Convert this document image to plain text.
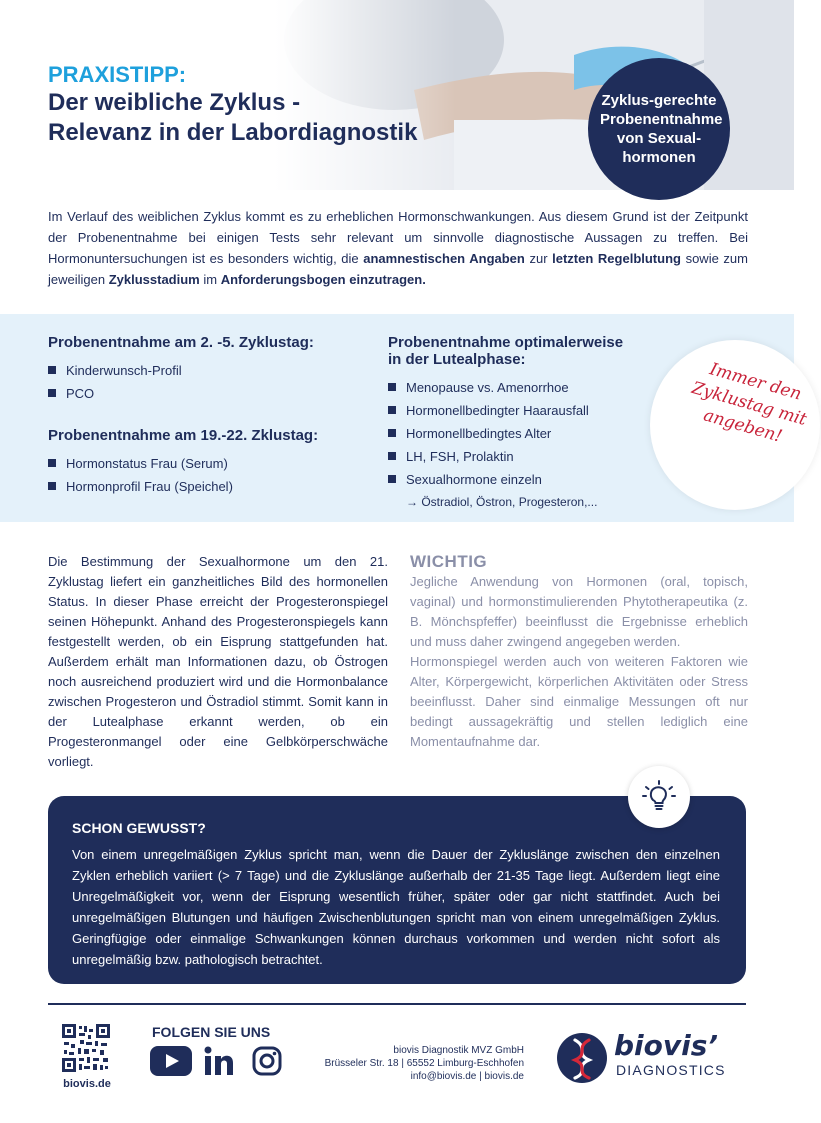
PRAXISTIPP:
Der weibliche Zyklus -
Relevanz in der Labordiagnostik
Zyklus-gerechte Probenentnahme von Sexual-hormonen
Im Verlauf des weiblichen Zyklus kommt es zu erheblichen Hormonschwankungen. Aus diesem Grund ist der Zeitpunkt der Probenentnahme bei einigen Tests sehr relevant um sinnvolle diagnostische Aussagen zu treffen. Bei Hormonuntersuchungen ist es besonders wichtig, die anamnestischen Angaben zur letzten Regelblutung sowie zum jeweiligen Zyklusstadium im Anforderungsbogen einzutragen.
Probenentnahme am 2. -5. Zyklustag:
Kinderwunsch-Profil
PCO
Probenentnahme am 19.-22. Zklustag:
Hormonstatus Frau (Serum)
Hormonprofil Frau (Speichel)
Probenentnahme optimalerweise
in der Lutealphase:
Menopause vs. Amenorrhoe
Hormonellbedingter Haarausfall
Hormonellbedingtes Alter
LH, FSH, Prolaktin
Sexualhormone einzeln
→ Östradiol, Östron, Progesteron,...
Immer den Zyklustag mit angeben!
Die Bestimmung der Sexualhormone um den 21. Zyklustag liefert ein ganzheitliches Bild des hormonellen Status. In dieser Phase erreicht der Progesteronspiegel seinen Höhepunkt. Anhand des Progesteronspiegels kann festgestellt werden, ob ein Eisprung stattgefunden hat. Außerdem erhält man Informationen dazu, ob Östrogen noch ausreichend produziert wird und die Hormonbalance zwischen Progesteron und Östradiol stimmt. Somit kann in der Lutealphase erkannt werden, ob ein Progesteronmangel oder eine Gelbkörperschwäche vorliegt.
WICHTIG
Jegliche Anwendung von Hormonen (oral, topisch, vaginal) und hormonstimulierenden Phytotherapeutika (z. B. Mönchspfeffer) beeinflusst die Ergebnisse erheblich und muss daher zwingend angegeben werden.
Hormonspiegel werden auch von weiteren Faktoren wie Alter, Körpergewicht, körperlichen Aktivitäten oder Stress beeinflusst. Daher sind einmalige Messungen oft nur bedingt aussagekräftig und stellen lediglich eine Momentaufnahme dar.
SCHON GEWUSST?
Von einem unregelmäßigen Zyklus spricht man, wenn die Dauer der Zykluslänge zwischen den einzelnen Zyklen erheblich variiert (> 7 Tage) und die Zykluslänge außerhalb der 21-35 Tage liegt. Außerdem liegt eine Unregelmäßigkeit vor, wenn der Eisprung wesentlich früher, später oder gar nicht stattfindet. Auch bei unregelmäßigen Blutungen und häufigen Zwischenblutungen spricht man von einem unregelmäßigen Zyklus. Geringfügige oder einmalige Schwankungen können durchaus vorkommen und werden nicht sofort als unregelmäßig bzw. pathologisch betrachtet.
biovis.de
FOLGEN SIE UNS
biovis Diagnostik MVZ GmbH
Brüsseler Str. 18 | 65552 Limburg-Eschhofen
info@biovis.de | biovis.de
biovis’
DIAGNOSTICS
